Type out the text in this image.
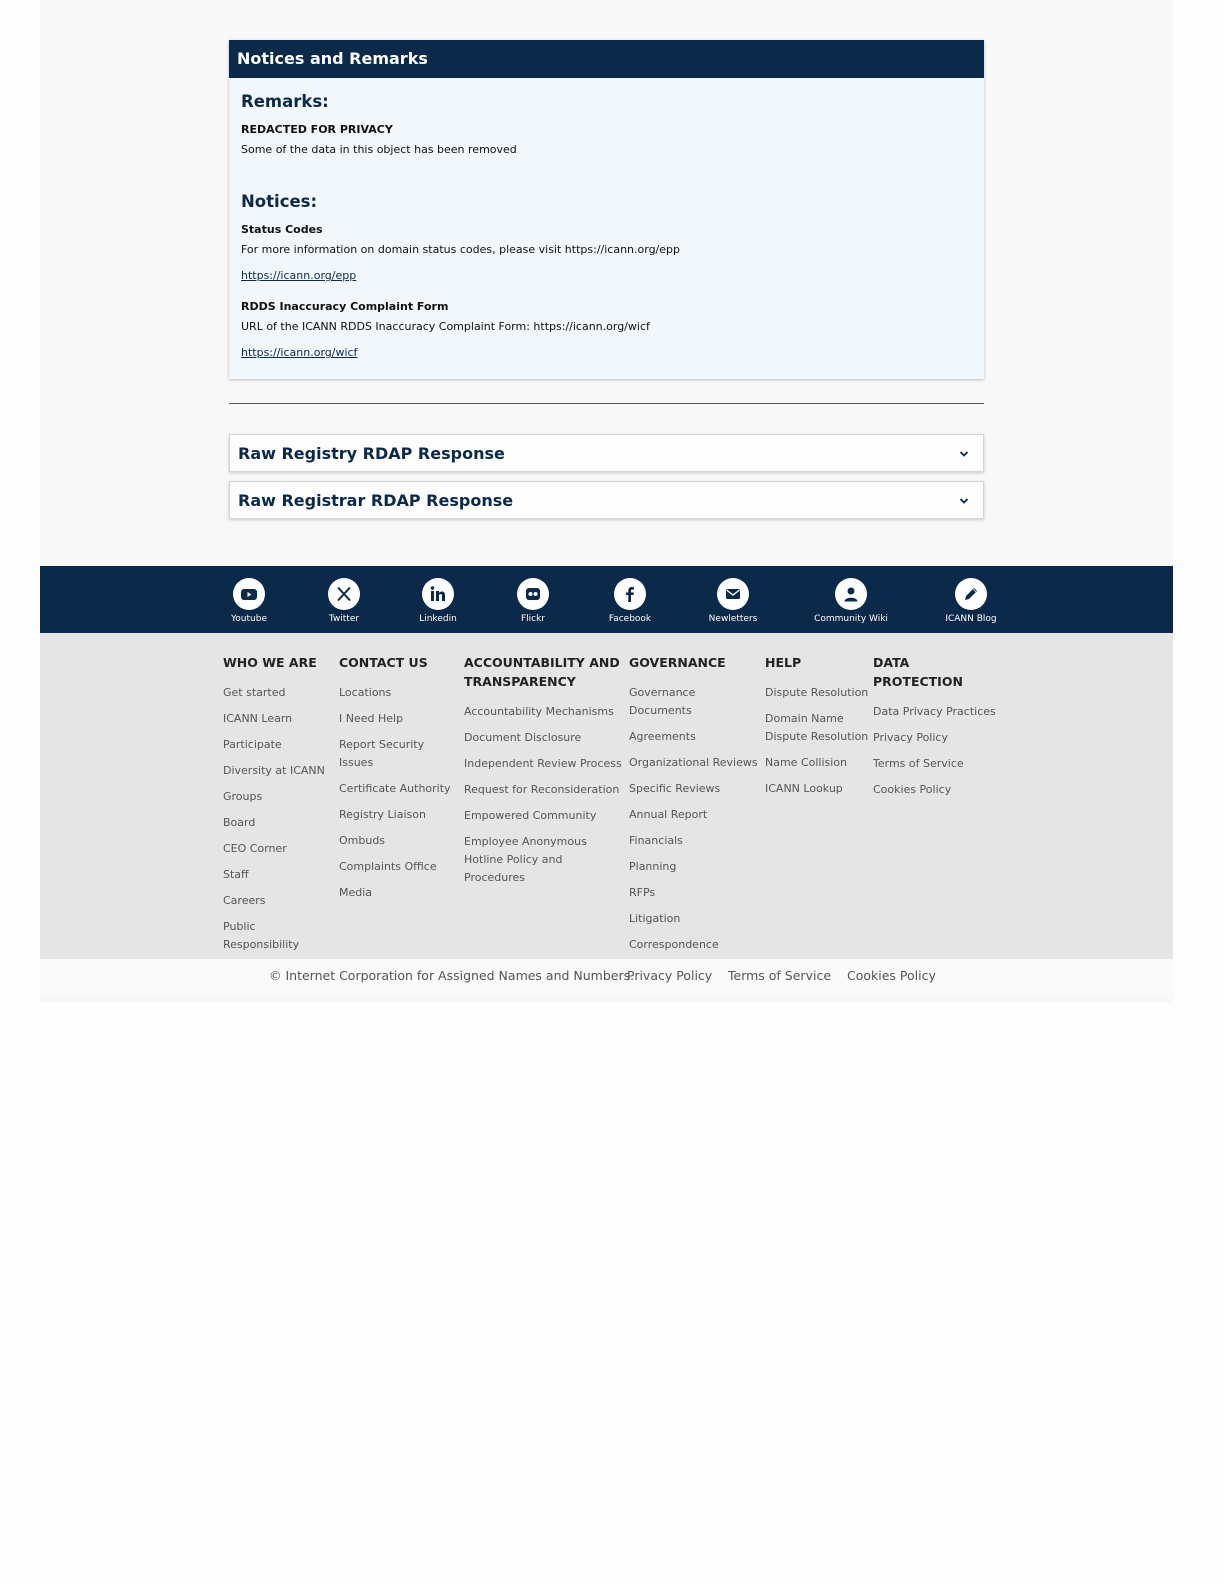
Notices and Remarks
Remarks:
REDACTED FOR PRIVACY
Some of the data in this object has been removed
Notices:
Status Codes
For more information on domain status codes, please visit https://icann.org/epp
https://icann.org/epp
RDDS Inaccuracy Complaint Form
URL of the ICANN RDDS Inaccuracy Complaint Form: https://icann.org/wicf
https://icann.org/wicf
Raw Registry RDAP Response
Raw Registrar RDAP Response
Youtube	Twitter	Linkedin	Flickr	Facebook	Newletters	Community Wiki	ICANN Blog
WHO WE ARE
Get started
ICANN Learn
Participate
Diversity at ICANN
Groups
Board
CEO Corner
Staff
Careers
Public Responsibility
CONTACT US
Locations
I Need Help
Report Security Issues
Certificate Authority
Registry Liaison
Ombuds
Complaints Office
Media
ACCOUNTABILITY AND TRANSPARENCY
Accountability Mechanisms
Document Disclosure
Independent Review Process
Request for Reconsideration
Empowered Community
Employee Anonymous Hotline Policy and Procedures
GOVERNANCE
Governance Documents
Agreements
Organizational Reviews
Specific Reviews
Annual Report
Financials
Planning
RFPs
Litigation
Correspondence
HELP
Dispute Resolution
Domain Name Dispute Resolution
Name Collision
ICANN Lookup
DATA PROTECTION
Data Privacy Practices
Privacy Policy
Terms of Service
Cookies Policy
© Internet Corporation for Assigned Names and Numbers.
Privacy Policy Terms of Service Cookies Policy
